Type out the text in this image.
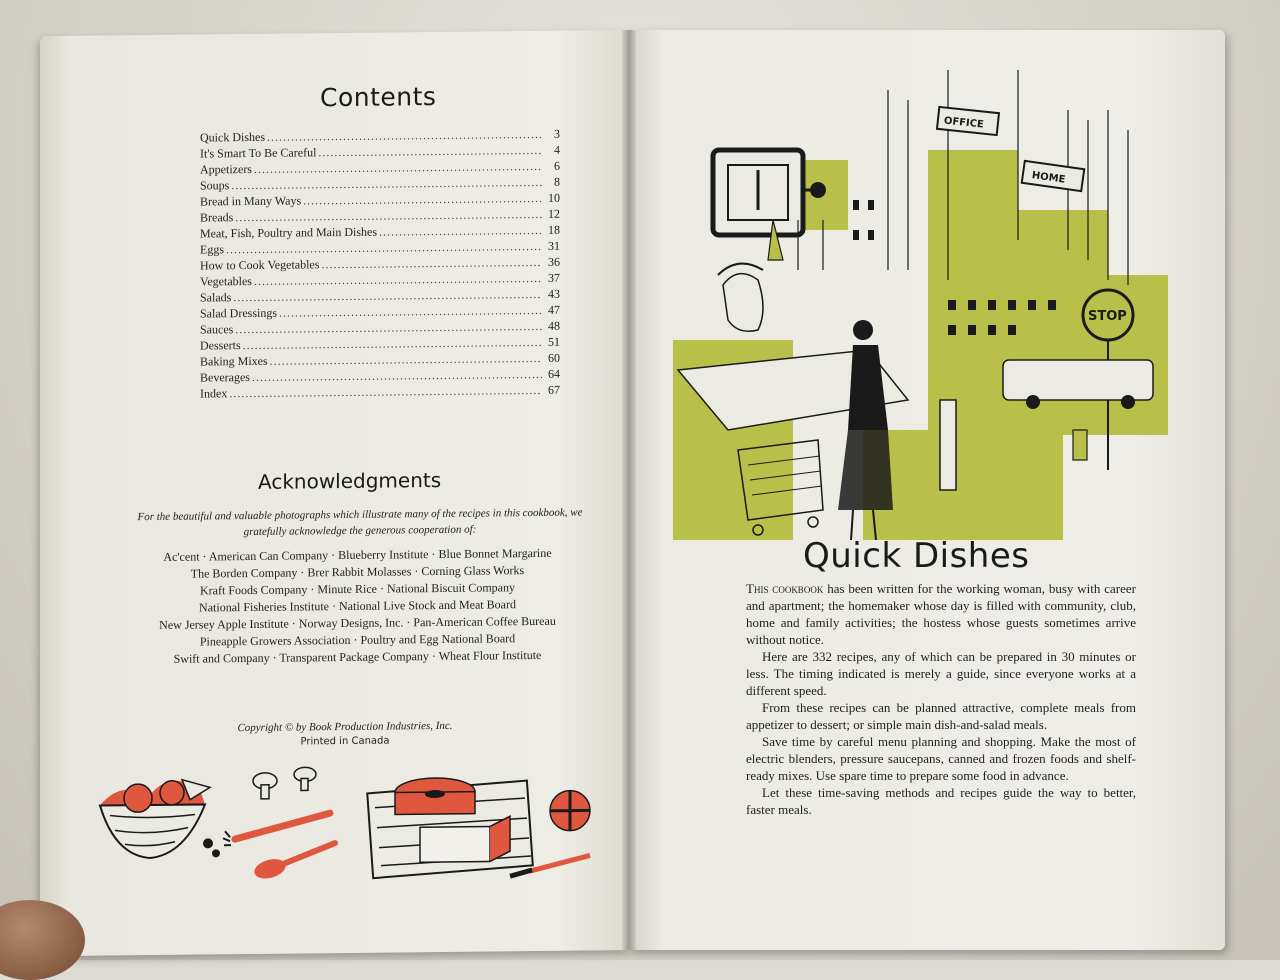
Contents
Quick Dishes . . .	3
It's Smart To Be Careful . . .	4
Appetizers . . .	6
Soups . . .	8
Bread in Many Ways . . .	10
Breads . . .	12
Meat, Fish, Poultry and Main Dishes . . .	18
Eggs . . .	31
How to Cook Vegetables . . .	36
Vegetables . . .	37
Salads . . .	43
Salad Dressings . . .	47
Sauces . . .	48
Desserts . . .	51
Baking Mixes . . .	60
Beverages . . .	64
Index . . .	67
Acknowledgments
For the beautiful and valuable photographs which illustrate many of the recipes in this cookbook, we gratefully acknowledge the generous cooperation of:
Ac'cent · American Can Company · Blueberry Institute · Blue Bonnet Margarine
The Borden Company · Brer Rabbit Molasses · Corning Glass Works
Kraft Foods Company · Minute Rice · National Biscuit Company
National Fisheries Institute · National Live Stock and Meat Board
New Jersey Apple Institute · Norway Designs, Inc. · Pan-American Coffee Bureau
Pineapple Growers Association · Poultry and Egg National Board
Swift and Company · Transparent Package Company · Wheat Flour Institute
Copyright © by Book Production Industries, Inc.
Printed in Canada
OFFICE
HOME
STOP
Quick Dishes

This cookbook has been written for the working woman, busy with career and apartment; the homemaker whose day is filled with community, club, home and family activities; the hostess whose guests sometimes arrive without notice.

Here are 332 recipes, any of which can be prepared in 30 minutes or less. The timing indicated is merely a guide, since everyone works at a different speed.

From these recipes can be planned attractive, complete meals from appetizer to dessert; or simple main dish-and-salad meals.

Save time by careful menu planning and shopping. Make the most of electric blenders, pressure saucepans, canned and frozen foods and shelf-ready mixes. Use spare time to prepare some food in advance.

Let these time-saving methods and recipes guide the way to better, faster meals.
